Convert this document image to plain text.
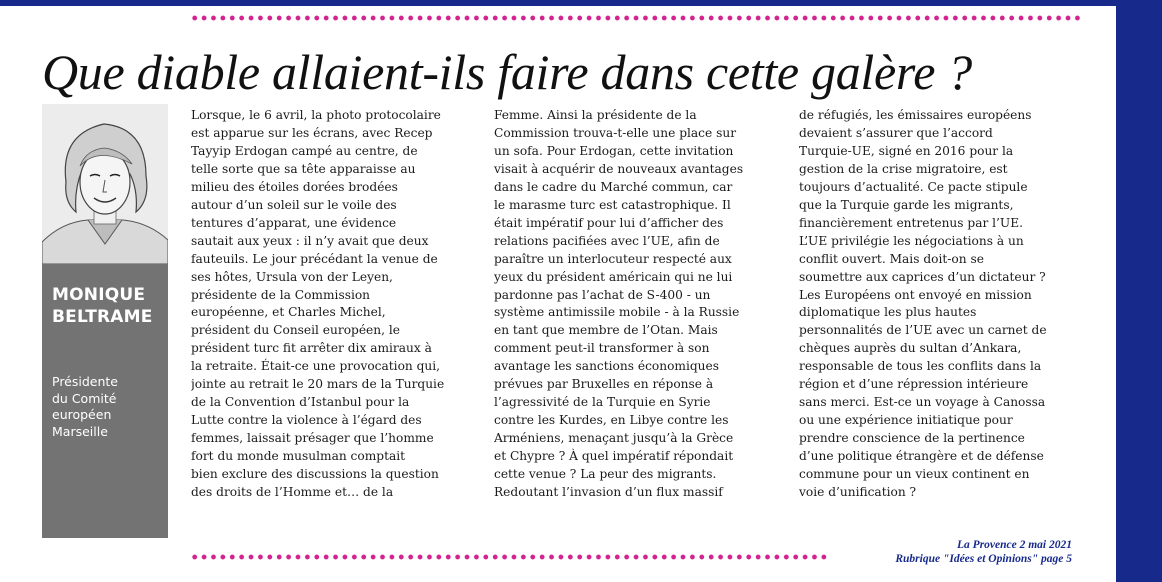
Que diable allaient-ils faire dans cette galère ?
MONIQUE
BELTRAME
Présidente
du Comité
européen
Marseille
Lorsque, le 6 avril, la photo protocolaire
est apparue sur les écrans, avec Recep
Tayyip Erdogan campé au centre, de
telle sorte que sa tête apparaisse au
milieu des étoiles dorées brodées
autour d’un soleil sur le voile des
tentures d’apparat, une évidence
sautait aux yeux : il n’y avait que deux
fauteuils. Le jour précédant la venue de
ses hôtes, Ursula von der Leyen,
présidente de la Commission
européenne, et Charles Michel,
président du Conseil européen, le
président turc fit arrêter dix amiraux à
la retraite. Était-ce une provocation qui,
jointe au retrait le 20 mars de la Turquie
de la Convention d’Istanbul pour la
Lutte contre la violence à l’égard des
femmes, laissait présager que l’homme
fort du monde musulman comptait
bien exclure des discussions la question
des droits de l’Homme et… de la
Femme. Ainsi la présidente de la
Commission trouva-t-elle une place sur
un sofa. Pour Erdogan, cette invitation
visait à acquérir de nouveaux avantages
dans le cadre du Marché commun, car
le marasme turc est catastrophique. Il
était impératif pour lui d’afficher des
relations pacifiées avec l’UE, afin de
paraître un interlocuteur respecté aux
yeux du président américain qui ne lui
pardonne pas l’achat de S-400 - un
système antimissile mobile - à la Russie
en tant que membre de l’Otan. Mais
comment peut-il transformer à son
avantage les sanctions économiques
prévues par Bruxelles en réponse à
l’agressivité de la Turquie en Syrie
contre les Kurdes, en Libye contre les
Arméniens, menaçant jusqu’à la Grèce
et Chypre ? À quel impératif répondait
cette venue ? La peur des migrants.
Redoutant l’invasion d’un flux massif
de réfugiés, les émissaires européens
devaient s’assurer que l’accord
Turquie-UE, signé en 2016 pour la
gestion de la crise migratoire, est
toujours d’actualité. Ce pacte stipule
que la Turquie garde les migrants,
financièrement entretenus par l’UE.
L’UE privilégie les négociations à un
conflit ouvert. Mais doit-on se
soumettre aux caprices d’un dictateur ?
Les Européens ont envoyé en mission
diplomatique les plus hautes
personnalités de l’UE avec un carnet de
chèques auprès du sultan d’Ankara,
responsable de tous les conflits dans la
région et d’une répression intérieure
sans merci. Est-ce un voyage à Canossa
ou une expérience initiatique pour
prendre conscience de la pertinence
d’une politique étrangère et de défense
commune pour un vieux continent en
voie d’unification ?
La Provence 2 mai 2021
Rubrique "Idées et Opinions" page 5
